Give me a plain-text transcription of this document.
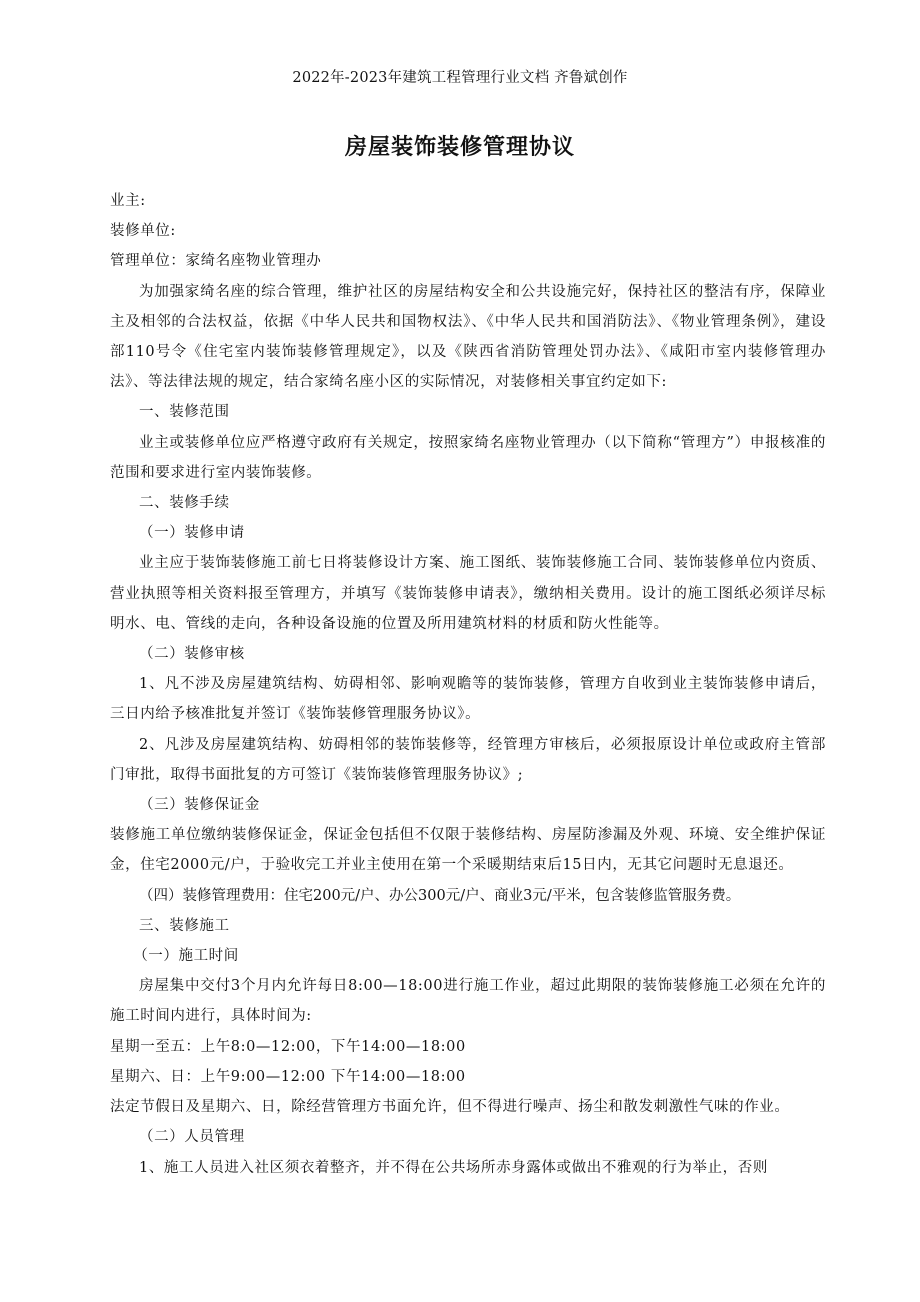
2022年-2023年建筑工程管理行业文档 齐鲁斌创作
房屋装饰装修管理协议

业主:

装修单位:

管理单位：家绮名座物业管理办

为加强家绮名座的综合管理，维护社区的房屋结构安全和公共设施完好，保持社区的整洁有序，保障业主及相邻的合法权益，依据《中华人民共和国物权法》、《中华人民共和国消防法》、《物业管理条例》，建设部110号令《住宅室内装饰装修管理规定》，以及《陕西省消防管理处罚办法》、《咸阳市室内装修管理办法》、等法律法规的规定，结合家绮名座小区的实际情况，对装修相关事宜约定如下:

一、装修范围

业主或装修单位应严格遵守政府有关规定，按照家绮名座物业管理办（以下简称“管理方”）申报核准的范围和要求进行室内装饰装修。

二、装修手续

（一）装修申请

业主应于装饰装修施工前七日将装修设计方案、施工图纸、装饰装修施工合同、装饰装修单位内资质、营业执照等相关资料报至管理方，并填写《装饰装修申请表》，缴纳相关费用。设计的施工图纸必须详尽标明水、电、管线的走向，各种设备设施的位置及所用建筑材料的材质和防火性能等。

（二）装修审核

1、凡不涉及房屋建筑结构、妨碍相邻、影响观瞻等的装饰装修，管理方自收到业主装饰装修申请后，三日内给予核准批复并签订《装饰装修管理服务协议》。

2、凡涉及房屋建筑结构、妨碍相邻的装饰装修等，经管理方审核后，必须报原设计单位或政府主管部门审批，取得书面批复的方可签订《装饰装修管理服务协议》;

（三）装修保证金

装修施工单位缴纳装修保证金，保证金包括但不仅限于装修结构、房屋防渗漏及外观、环境、安全维护保证金，住宅2000元/户，于验收完工并业主使用在第一个采暖期结束后15日内，无其它问题时无息退还。

（四）装修管理费用：住宅200元/户、办公300元/户、商业3元/平米，包含装修监管服务费。

三、装修施工

（一）施工时间

房屋集中交付3个月内允许每日8:00—18:00进行施工作业，超过此期限的装饰装修施工必须在允许的施工时间内进行，具体时间为:

星期一至五：上午8:0—12:00，下午14:00—18:00

星期六、日：上午9:00—12:00 下午14:00—18:00

法定节假日及星期六、日，除经营管理方书面允许，但不得进行噪声、扬尘和散发刺激性气味的作业。

（二）人员管理

1、施工人员进入社区须衣着整齐，并不得在公共场所赤身露体或做出不雅观的行为举止，否则
